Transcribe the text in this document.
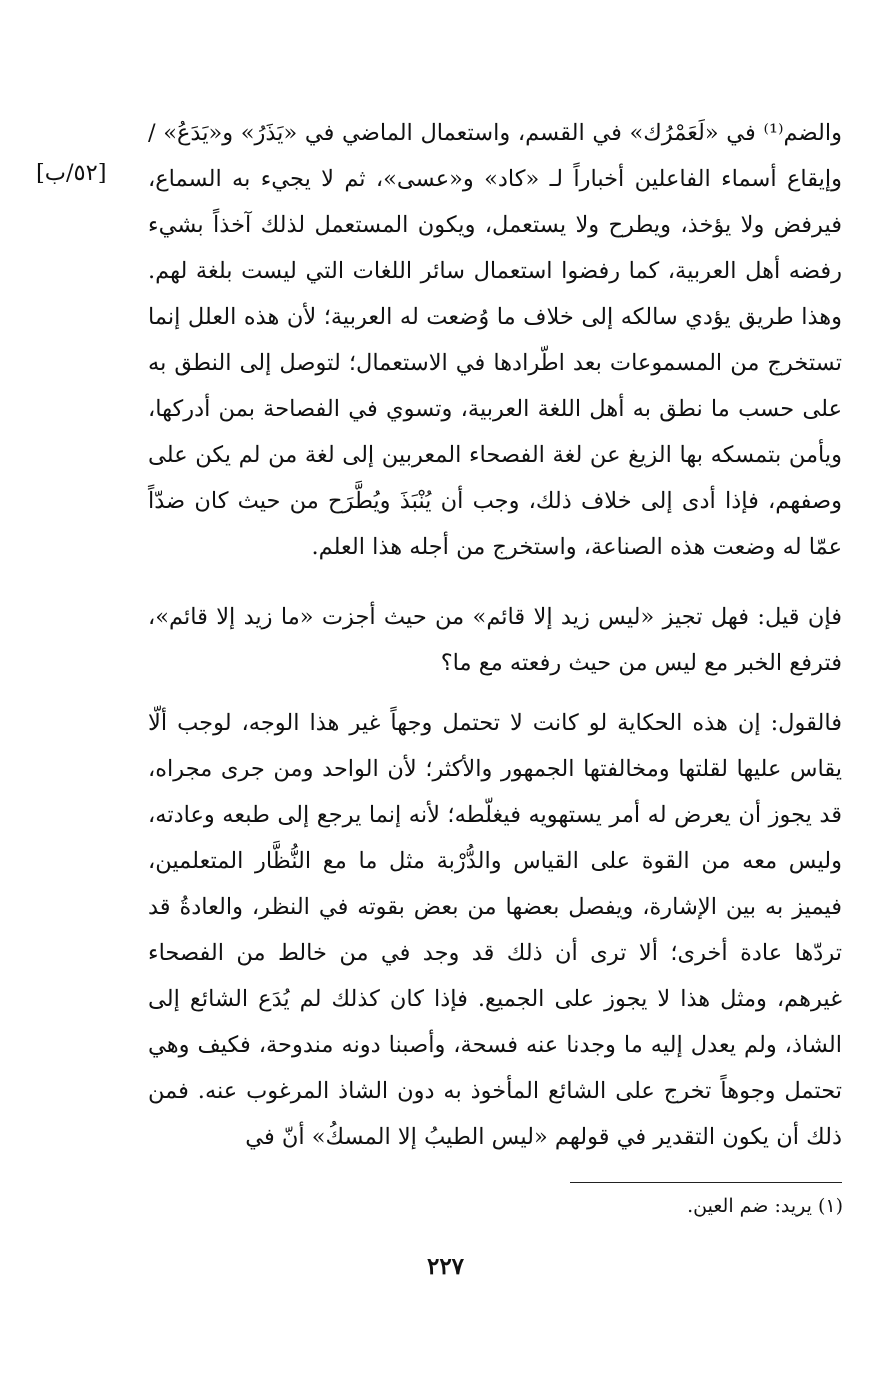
[٥٢/ب]

والضم⁽¹⁾ في «لَعَمْرُك» في القسم، واستعمال الماضي في «يَذَرُ» و«يَدَعُ» / وإيقاع أسماء الفاعلين أخباراً لـ «كاد» و«عسى»، ثم لا يجيء به السماع، فيرفض ولا يؤخذ، ويطرح ولا يستعمل، ويكون المستعمل لذلك آخذاً بشيء رفضه أهل العربية، كما رفضوا استعمال سائر اللغات التي ليست بلغة لهم. وهذا طريق يؤدي سالكه إلى خلاف ما وُضعت له العربية؛ لأن هذه العلل إنما تستخرج من المسموعات بعد اطّرادها في الاستعمال؛ لتوصل إلى النطق به على حسب ما نطق به أهل اللغة العربية، وتسوي في الفصاحة بمن أدركها، ويأمن بتمسكه بها الزيغ عن لغة الفصحاء المعربين إلى لغة من لم يكن على وصفهم، فإذا أدى إلى خلاف ذلك، وجب أن يُنْبَذَ ويُطَّرَح من حيث كان ضدّاً عمّا له وضعت هذه الصناعة، واستخرج من أجله هذا العلم.

فإن قيل: فهل تجيز «ليس زيد إلا قائم» من حيث أجزت «ما زيد إلا قائم»، فترفع الخبر مع ليس من حيث رفعته مع ما؟

فالقول: إن هذه الحكاية لو كانت لا تحتمل وجهاً غير هذا الوجه، لوجب ألّا يقاس عليها لقلتها ومخالفتها الجمهور والأكثر؛ لأن الواحد ومن جرى مجراه، قد يجوز أن يعرض له أمر يستهويه فيغلّطه؛ لأنه إنما يرجع إلى طبعه وعادته، وليس معه من القوة على القياس والدُّرْبة مثل ما مع النُّظَّار المتعلمين، فيميز به بين الإشارة، ويفصل بعضها من بعض بقوته في النظر، والعادةُ قد تردّها عادة أخرى؛ ألا ترى أن ذلك قد وجد في من خالط من الفصحاء غيرهم، ومثل هذا لا يجوز على الجميع. فإذا كان كذلك لم يُدَع الشائع إلى الشاذ، ولم يعدل إليه ما وجدنا عنه فسحة، وأصبنا دونه مندوحة، فكيف وهي تحتمل وجوهاً تخرج على الشائع المأخوذ به دون الشاذ المرغوب عنه. فمن ذلك أن يكون التقدير في قولهم «ليس الطيبُ إلا المسكُ» أنّ في

(١) يريد: ضم العين.
٢٢٧
